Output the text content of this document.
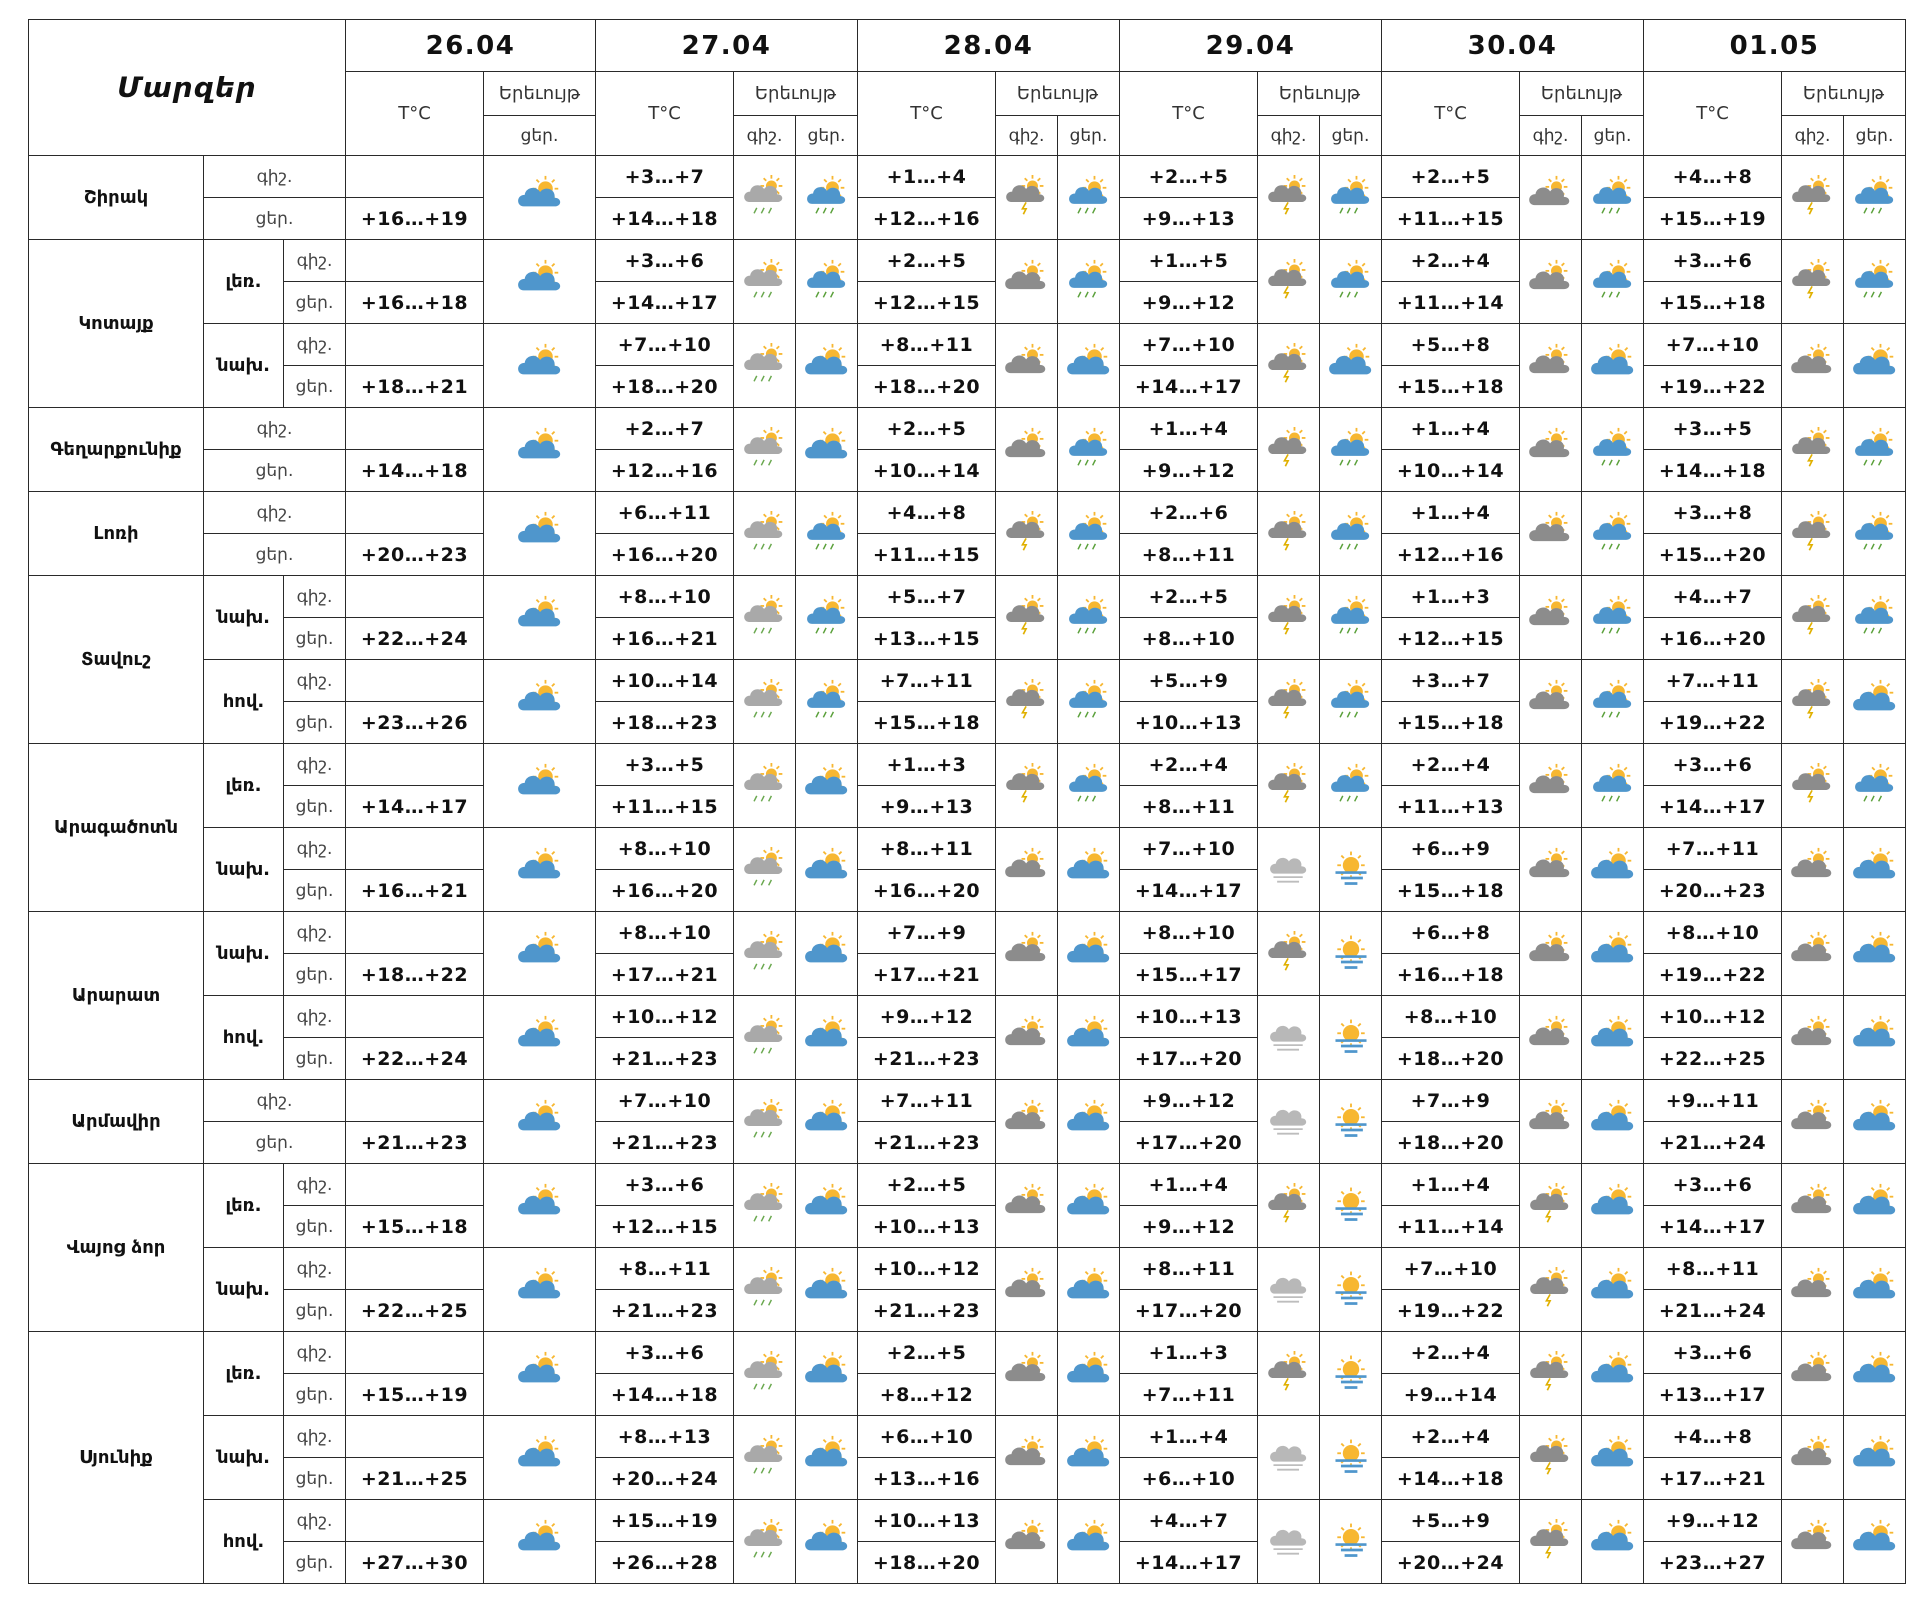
Մարզեր			26.04		27.04			28.04			29.04			30.04			01.05		
			T°C	Երեւույթ	T°C	Երեւույթ		T°C	Երեւույթ		T°C	Երեւույթ		T°C	Երեւույթ		T°C	Երեւույթ	
				ցեր.		գիշ.	ցեր.		գիշ.	ցեր.		գիշ.	ցեր.		գիշ.	ցեր.		գիշ.	ցեր.
Շիրակ	գիշ.				+3…+7			+1…+4			+2…+5			+2…+5			+4…+8		
	ցեր.		+16…+19		+14…+18			+12…+16			+9…+13			+11…+15			+15…+19		
Կոտայք	լեռ.	գիշ.			+3…+6			+2…+5			+1…+5			+2…+4			+3…+6		
		ցեր.	+16…+18		+14…+17			+12…+15			+9…+12			+11…+14			+15…+18		
	նախ.	գիշ.			+7…+10			+8…+11			+7…+10			+5…+8			+7…+10		
		ցեր.	+18…+21		+18…+20			+18…+20			+14…+17			+15…+18			+19…+22		
Գեղարքունիք	գիշ.				+2…+7			+2…+5			+1…+4			+1…+4			+3…+5		
	ցեր.		+14…+18		+12…+16			+10…+14			+9…+12			+10…+14			+14…+18		
Լոռի	գիշ.				+6…+11			+4…+8			+2…+6			+1…+4			+3…+8		
	ցեր.		+20…+23		+16…+20			+11…+15			+8…+11			+12…+16			+15…+20		
Տավուշ	նախ.	գիշ.			+8…+10			+5…+7			+2…+5			+1…+3			+4…+7		
		ցեր.	+22…+24		+16…+21			+13…+15			+8…+10			+12…+15			+16…+20		
	հով.	գիշ.			+10…+14			+7…+11			+5…+9			+3…+7			+7…+11		
		ցեր.	+23…+26		+18…+23			+15…+18			+10…+13			+15…+18			+19…+22		
Արագածոտն	լեռ.	գիշ.			+3…+5			+1…+3			+2…+4			+2…+4			+3…+6		
		ցեր.	+14…+17		+11…+15			+9…+13			+8…+11			+11…+13			+14…+17		
	նախ.	գիշ.			+8…+10			+8…+11			+7…+10			+6…+9			+7…+11		
		ցեր.	+16…+21		+16…+20			+16…+20			+14…+17			+15…+18			+20…+23		
Արարատ	նախ.	գիշ.			+8…+10			+7…+9			+8…+10			+6…+8			+8…+10		
		ցեր.	+18…+22		+17…+21			+17…+21			+15…+17			+16…+18			+19…+22		
	հով.	գիշ.			+10…+12			+9…+12			+10…+13			+8…+10			+10…+12		
		ցեր.	+22…+24		+21…+23			+21…+23			+17…+20			+18…+20			+22…+25		
Արմավիր	գիշ.				+7…+10			+7…+11			+9…+12			+7…+9			+9…+11		
	ցեր.		+21…+23		+21…+23			+21…+23			+17…+20			+18…+20			+21…+24		
Վայոց ձոր	լեռ.	գիշ.			+3…+6			+2…+5			+1…+4			+1…+4			+3…+6		
		ցեր.	+15…+18		+12…+15			+10…+13			+9…+12			+11…+14			+14…+17		
	նախ.	գիշ.			+8…+11			+10…+12			+8…+11			+7…+10			+8…+11		
		ցեր.	+22…+25		+21…+23			+21…+23			+17…+20			+19…+22			+21…+24		
Սյունիք	լեռ.	գիշ.			+3…+6			+2…+5			+1…+3			+2…+4			+3…+6		
		ցեր.	+15…+19		+14…+18			+8…+12			+7…+11			+9…+14			+13…+17		
	նախ.	գիշ.			+8…+13			+6…+10			+1…+4			+2…+4			+4…+8		
		ցեր.	+21…+25		+20…+24			+13…+16			+6…+10			+14…+18			+17…+21		
	հով.	գիշ.			+15…+19			+10…+13			+4…+7			+5…+9			+9…+12		
		ցեր.	+27…+30		+26…+28			+18…+20			+14…+17			+20…+24			+23…+27		
